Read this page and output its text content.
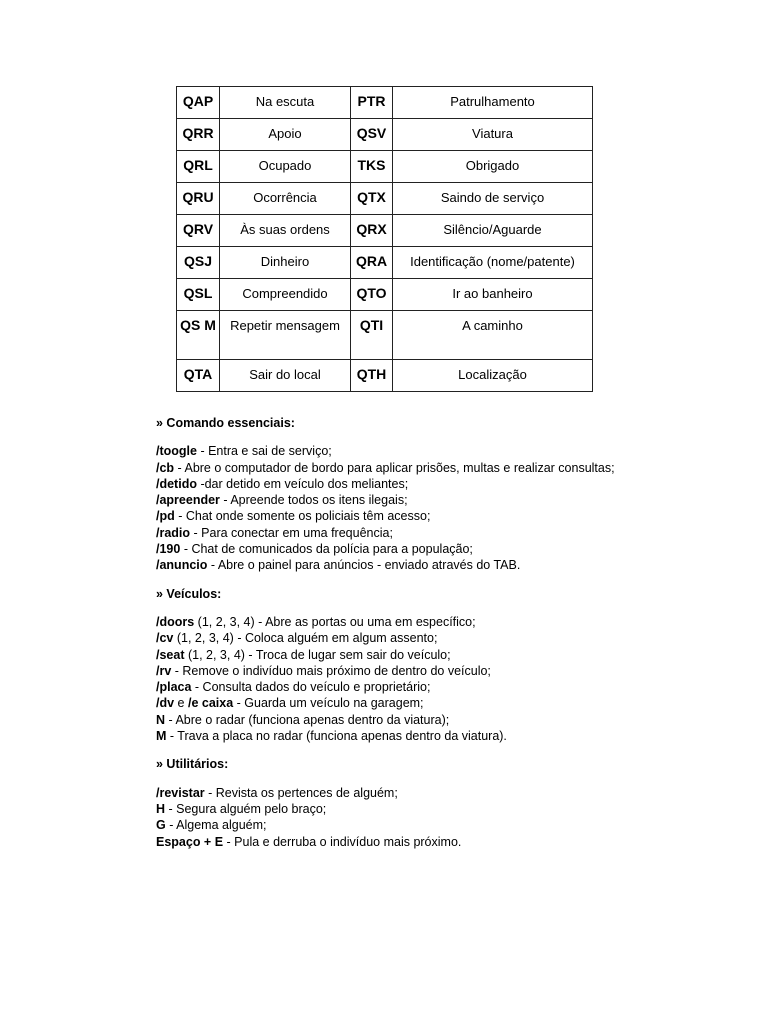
QAP	Na escuta	PTR	Patrulhamento
QRR	Apoio	QSV	Viatura
QRL	Ocupado	TKS	Obrigado
QRU	Ocorrência	QTX	Saindo de serviço
QRV	Às suas ordens	QRX	Silêncio/Aguarde
QSJ	Dinheiro	QRA	Identificação (nome/patente)
QSL	Compreendido	QTO	Ir ao banheiro
QS M	Repetir mensagem	QTI	A caminho
QTA	Sair do local	QTH	Localização
» Comando essenciais:
/toogle - Entra e sai de serviço;
/cb - Abre o computador de bordo para aplicar prisões, multas e realizar consultas;
/detido -dar detido em veículo dos meliantes;
/apreender - Apreende todos os itens ilegais;
/pd - Chat onde somente os policiais têm acesso;
/radio - Para conectar em uma frequência;
/190 - Chat de comunicados da polícia para a população;
/anuncio - Abre o painel para anúncios - enviado através do TAB.
» Veículos:
/doors (1, 2, 3, 4) - Abre as portas ou uma em específico;
/cv (1, 2, 3, 4) - Coloca alguém em algum assento;
/seat (1, 2, 3, 4) - Troca de lugar sem sair do veículo;
/rv - Remove o indivíduo mais próximo de dentro do veículo;
/placa - Consulta dados do veículo e proprietário;
/dv e /e caixa - Guarda um veículo na garagem;
N - Abre o radar (funciona apenas dentro da viatura);
M - Trava a placa no radar (funciona apenas dentro da viatura).
» Utilitários:
/revistar - Revista os pertences de alguém;
H - Segura alguém pelo braço;
G - Algema alguém;
Espaço + E - Pula e derruba o indivíduo mais próximo.
